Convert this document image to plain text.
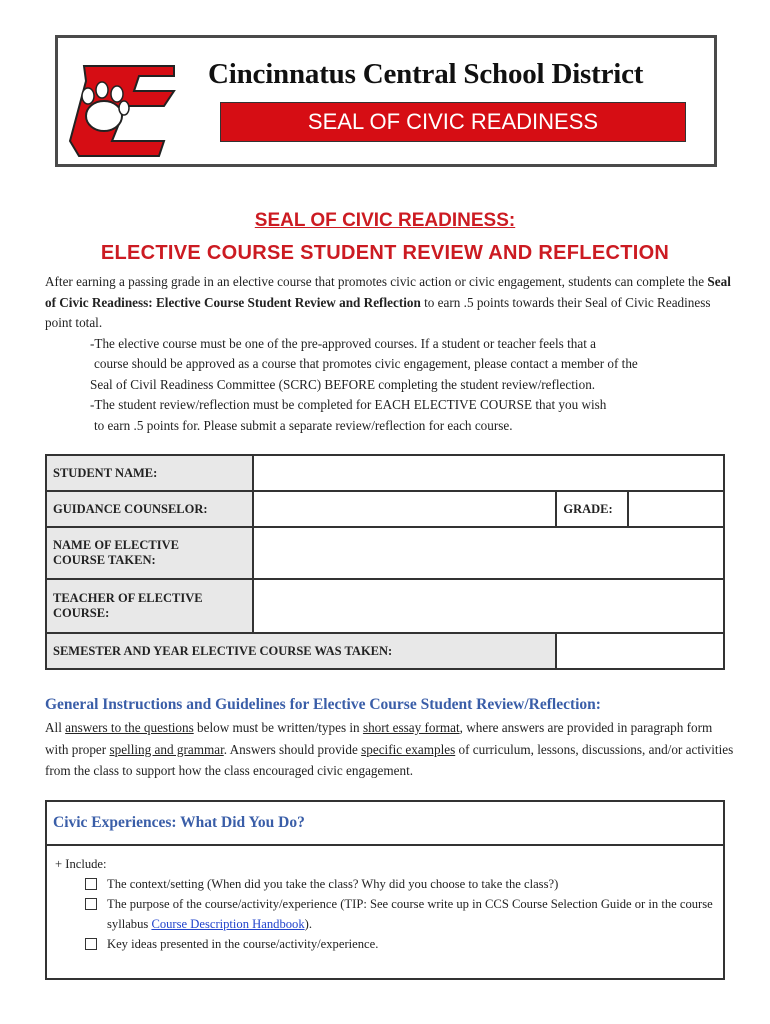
Cincinnatus Central School District
SEAL OF CIVIC READINESS
SEAL OF CIVIC READINESS:
ELECTIVE COURSE STUDENT REVIEW AND REFLECTION

After earning a passing grade in an elective course that promotes civic action or civic engagement, students can complete the Seal of Civic Readiness: Elective Course Student Review and Reflection to earn .5 points towards their Seal of Civic Readiness point total.

-The elective course must be one of the pre-approved courses. If a student or teacher feels that a
course should be approved as a course that promotes civic engagement, please contact a member of the
Seal of Civil Readiness Committee (SCRC) BEFORE completing the student review/reflection.

-The student review/reflection must be completed for EACH ELECTIVE COURSE that you wish
to earn .5 points for. Please submit a separate review/reflection for each course.

STUDENT NAME:			
GUIDANCE COUNSELOR:		GRADE:	
NAME OF ELECTIVE
COURSE TAKEN:			
TEACHER OF ELECTIVE
COURSE:			
SEMESTER AND YEAR ELECTIVE COURSE WAS TAKEN:			
General Instructions and Guidelines for Elective Course Student Review/Reflection:
All answers to the questions below must be written/types in short essay format, where answers are provided in paragraph form with proper spelling and grammar. Answers should provide specific examples of curriculum, lessons, discussions, and/or activities from the class to support how the class encouraged civic engagement.
Civic Experiences: What Did You Do?
+ Include:
The context/setting (When did you take the class? Why did you choose to take the class?)
The purpose of the course/activity/experience (TIP: See course write up in CCS Course Selection Guide or in the course syllabus Course Description Handbook).
Key ideas presented in the course/activity/experience.
